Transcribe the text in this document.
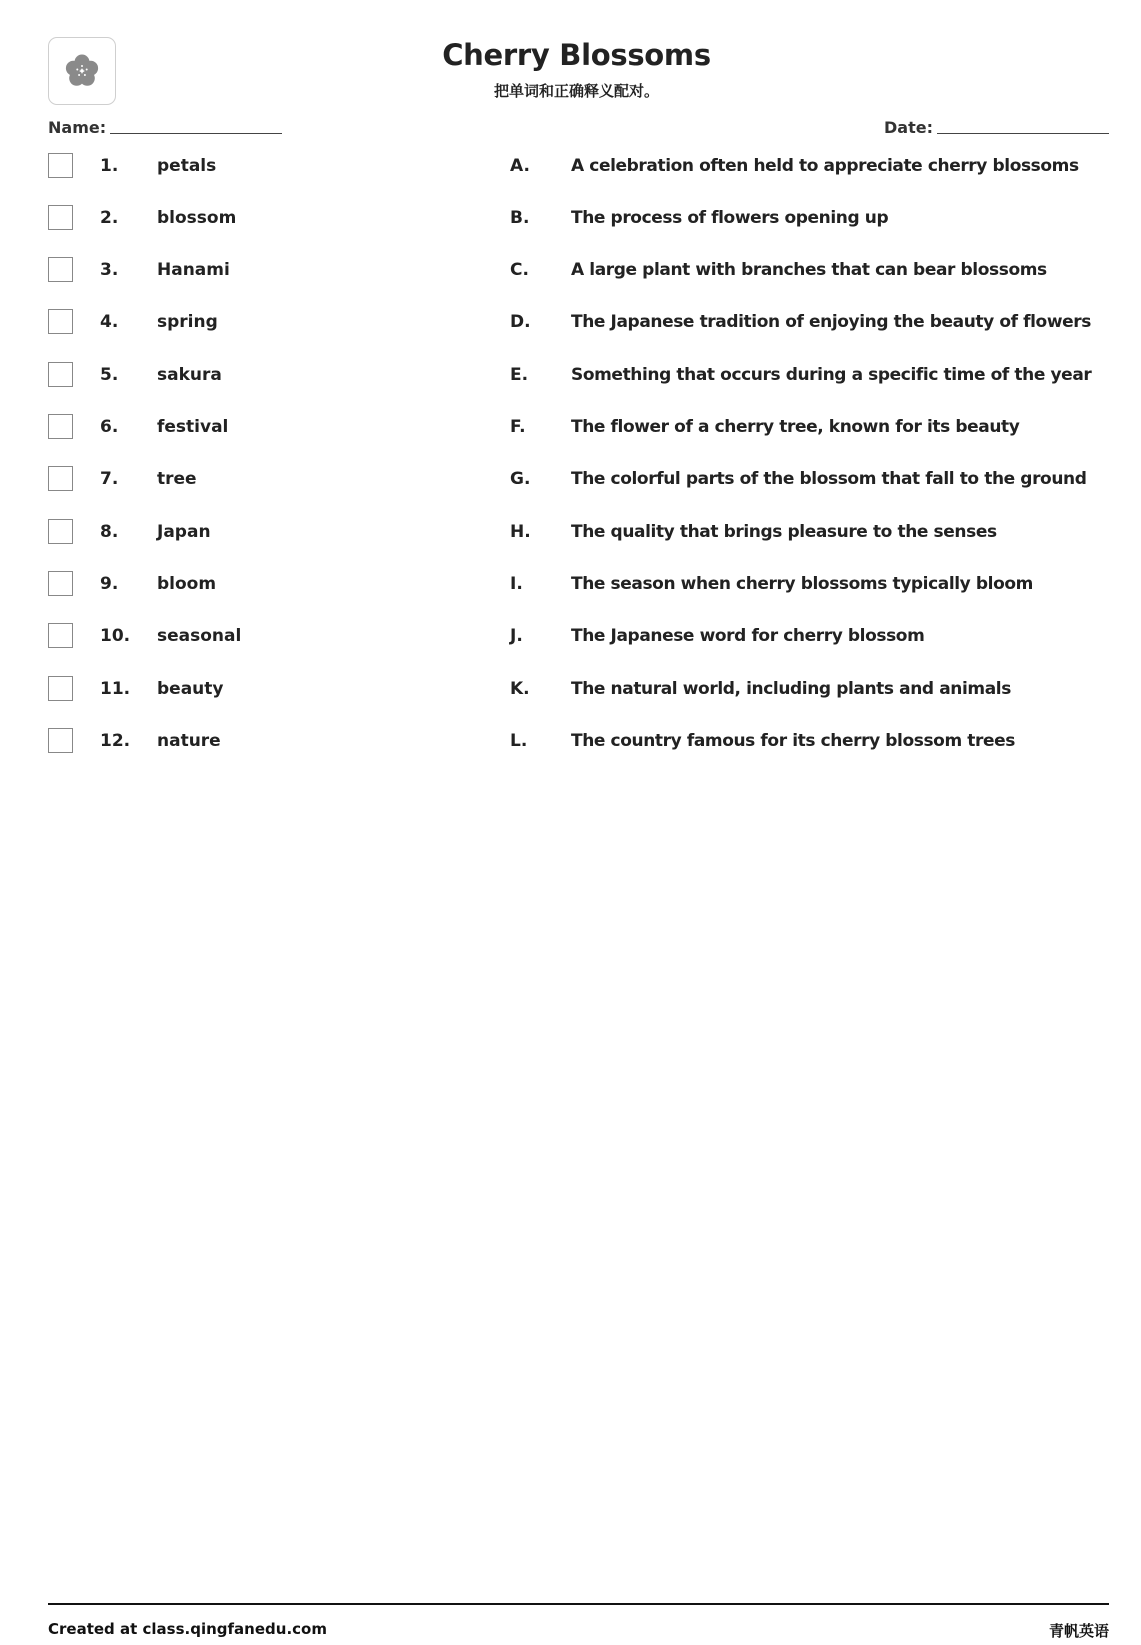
Cherry Blossoms
把单词和正确释义配对。
Name:	Date:
1. petals	A. A celebration often held to appreciate cherry blossoms
2. blossom	B. The process of flowers opening up
3. Hanami	C. A large plant with branches that can bear blossoms
4. spring	D. The Japanese tradition of enjoying the beauty of flowers
5. sakura	E.	Something that occurs during a specific time of the year
6. festival	F.	The flower of a cherry tree, known for its beauty
7. tree	G. The colorful parts of the blossom that fall to the ground
8. Japan	H. The quality that brings pleasure to the senses
9. bloom	I.	The season when cherry blossoms typically bloom
10. seasonal	J.	The Japanese word for cherry blossom
11. beauty	K. The natural world, including plants and animals
12. nature	L.	The country famous for its cherry blossom trees
Created at class.qingfanedu.com	青帆英语
